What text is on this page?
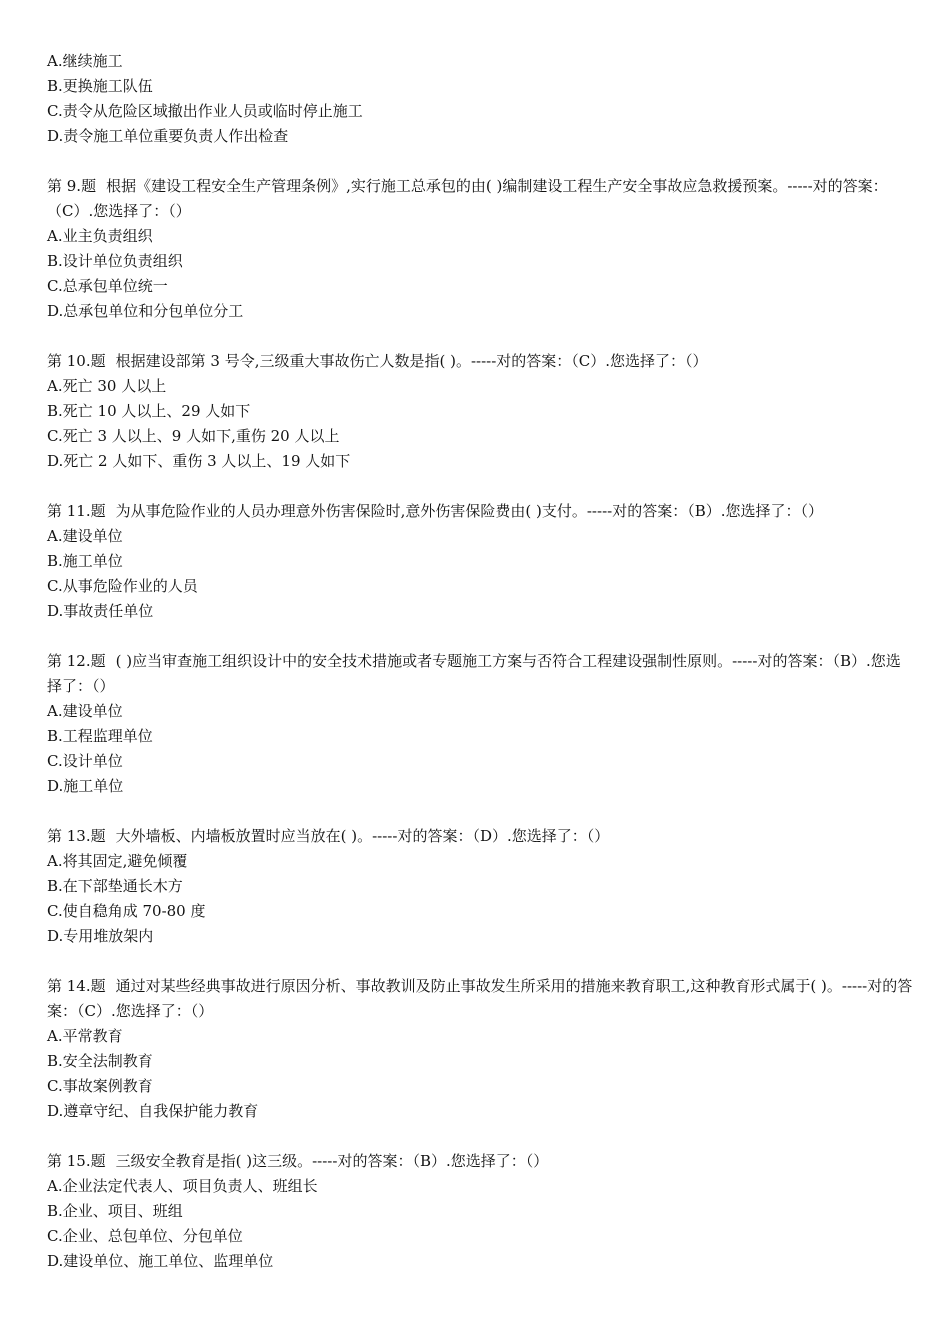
A.继续施工
B.更换施工队伍
C.责令从危险区域撤出作业人员或临时停止施工
D.责令施工单位重要负责人作出检查
第 9.题 根据《建设工程安全生产管理条例》,实行施工总承包的由( )编制建设工程生产安全事故应急救援预案。-----对的答案：（C）.您选择了：（）
A.业主负责组织
B.设计单位负责组织
C.总承包单位统一
D.总承包单位和分包单位分工
第 10.题 根据建设部第 3 号令,三级重大事故伤亡人数是指( )。-----对的答案：（C）.您选择了：（）
A.死亡 30 人以上
B.死亡 10 人以上、29 人如下
C.死亡 3 人以上、9 人如下,重伤 20 人以上
D.死亡 2 人如下、重伤 3 人以上、19 人如下
第 11.题 为从事危险作业的人员办理意外伤害保险时,意外伤害保险费由( )支付。-----对的答案：（B）.您选择了：（）
A.建设单位
B.施工单位
C.从事危险作业的人员
D.事故责任单位
第 12.题 ( )应当审查施工组织设计中的安全技术措施或者专题施工方案与否符合工程建设强制性原则。-----对的答案：（B）.您选择了：（）
A.建设单位
B.工程监理单位
C.设计单位
D.施工单位
第 13.题 大外墙板、内墙板放置时应当放在( )。-----对的答案：（D）.您选择了：（）
A.将其固定,避免倾覆
B.在下部垫通长木方
C.使自稳角成 70-80 度
D.专用堆放架内
第 14.题 通过对某些经典事故进行原因分析、事故教训及防止事故发生所采用的措施来教育职工,这种教育形式属于( )。-----对的答案：（C）.您选择了：（）
A.平常教育
B.安全法制教育
C.事故案例教育
D.遵章守纪、自我保护能力教育
第 15.题 三级安全教育是指( )这三级。-----对的答案：（B）.您选择了：（）
A.企业法定代表人、项目负责人、班组长
B.企业、项目、班组
C.企业、总包单位、分包单位
D.建设单位、施工单位、监理单位
